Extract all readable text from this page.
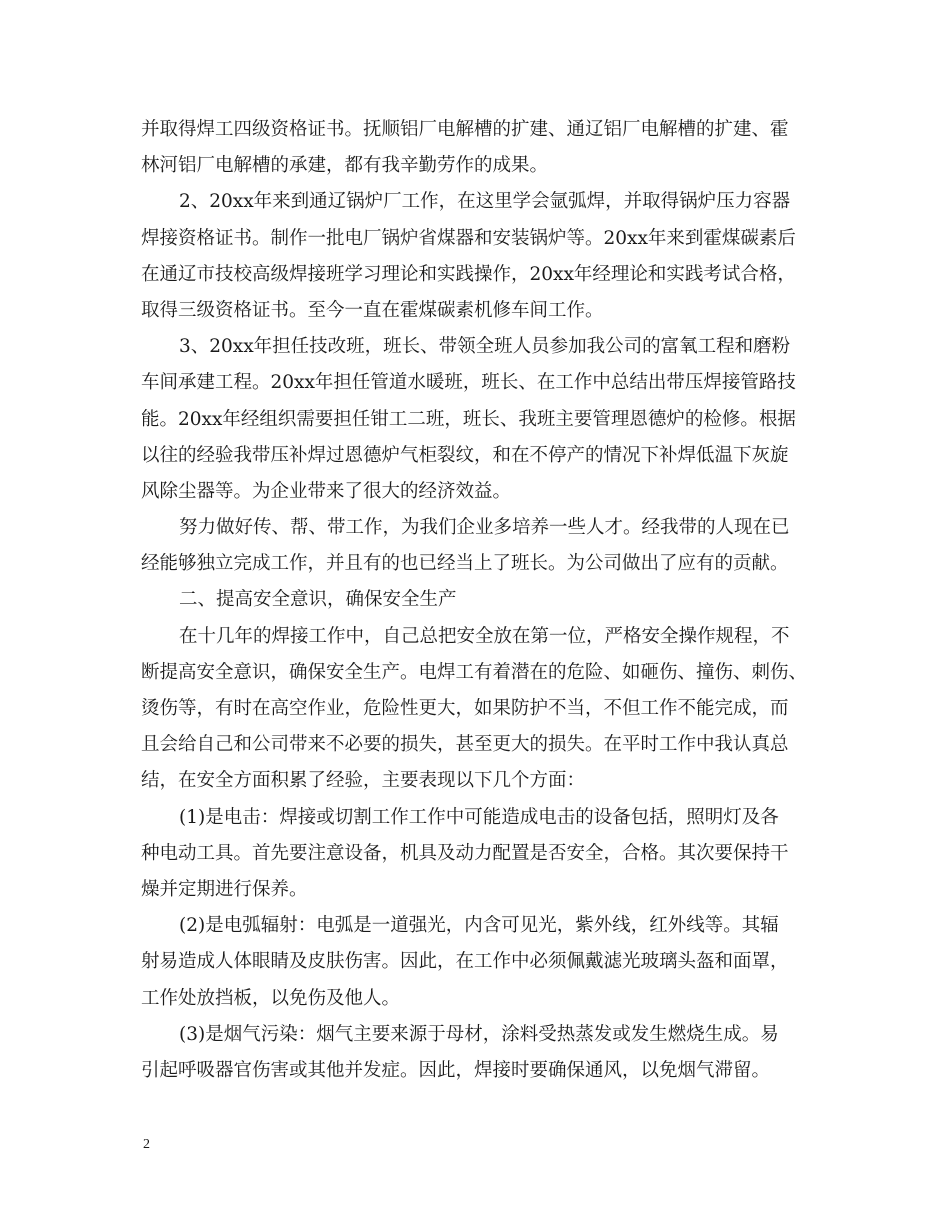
并取得焊工四级资格证书。抚顺铝厂电解槽的扩建、通辽铝厂电解槽的扩建、霍
林河铝厂电解槽的承建，都有我辛勤劳作的成果。
2、20xx年来到通辽锅炉厂工作，在这里学会氩弧焊，并取得锅炉压力容器
焊接资格证书。制作一批电厂锅炉省煤器和安装锅炉等。20xx年来到霍煤碳素后
在通辽市技校高级焊接班学习理论和实践操作，20xx年经理论和实践考试合格，
取得三级资格证书。至今一直在霍煤碳素机修车间工作。
3、20xx年担任技改班，班长、带领全班人员参加我公司的富氧工程和磨粉
车间承建工程。20xx年担任管道水暖班，班长、在工作中总结出带压焊接管路技
能。20xx年经组织需要担任钳工二班，班长、我班主要管理恩德炉的检修。根据
以往的经验我带压补焊过恩德炉气柜裂纹，和在不停产的情况下补焊低温下灰旋
风除尘器等。为企业带来了很大的经济效益。
努力做好传、帮、带工作，为我们企业多培养一些人才。经我带的人现在已
经能够独立完成工作，并且有的也已经当上了班长。为公司做出了应有的贡献。
二、提高安全意识，确保安全生产
在十几年的焊接工作中，自己总把安全放在第一位，严格安全操作规程，不
断提高安全意识，确保安全生产。电焊工有着潜在的危险、如砸伤、撞伤、刺伤、
烫伤等，有时在高空作业，危险性更大，如果防护不当，不但工作不能完成，而
且会给自己和公司带来不必要的损失，甚至更大的损失。在平时工作中我认真总
结，在安全方面积累了经验，主要表现以下几个方面：
(1)是电击：焊接或切割工作工作中可能造成电击的设备包括，照明灯及各
种电动工具。首先要注意设备，机具及动力配置是否安全，合格。其次要保持干
燥并定期进行保养。
(2)是电弧辐射：电弧是一道强光，内含可见光，紫外线，红外线等。其辐
射易造成人体眼睛及皮肤伤害。因此，在工作中必须佩戴滤光玻璃头盔和面罩，
工作处放挡板，以免伤及他人。
(3)是烟气污染：烟气主要来源于母材，涂料受热蒸发或发生燃烧生成。易
引起呼吸器官伤害或其他并发症。因此，焊接时要确保通风，以免烟气滞留。
2
